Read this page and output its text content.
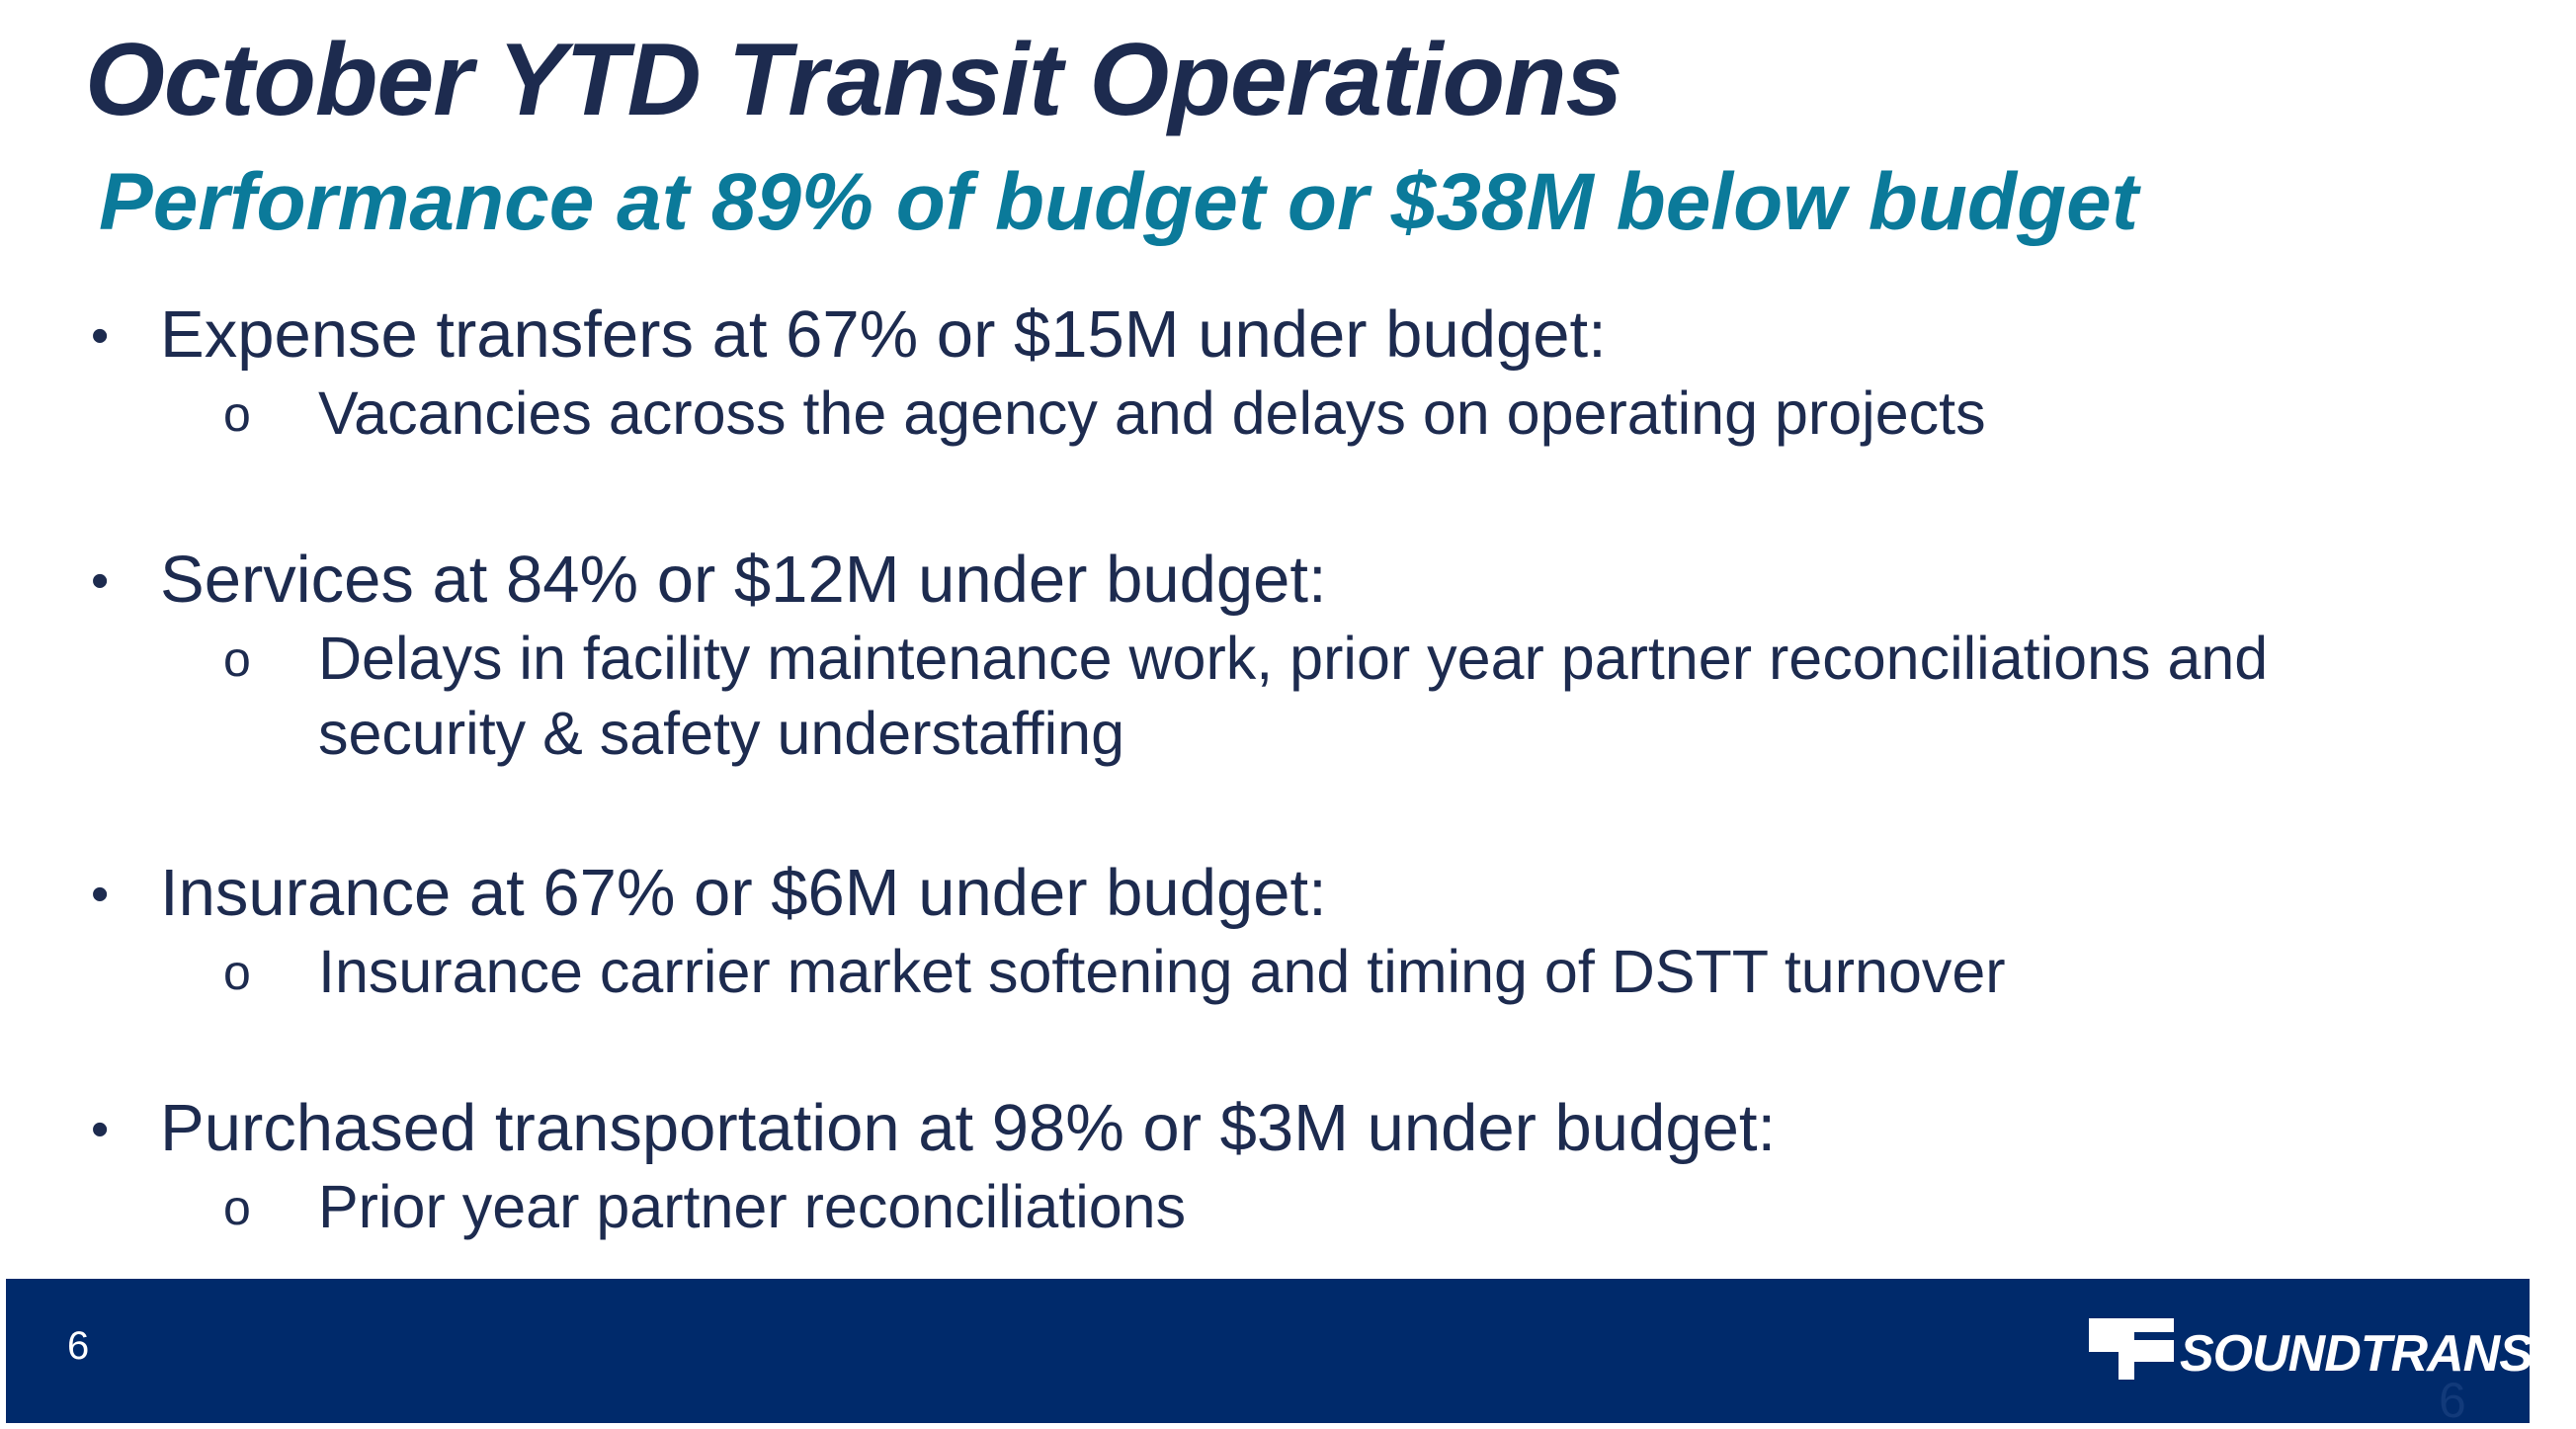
October YTD Transit Operations
Performance at 89% of budget or $38M below budget
• Expense transfers at 67% or $15M under budget:
o Vacancies across the agency and delays on operating projects
• Services at 84% or $12M under budget:
o Delays in facility maintenance work, prior year partner reconciliations and security & safety understaffing
• Insurance at 67% or $6M under budget:
o Insurance carrier market softening and timing of DSTT turnover
• Purchased transportation at 98% or $3M under budget:
o Prior year partner reconciliations
6	SOUNDTRANSIT
6
